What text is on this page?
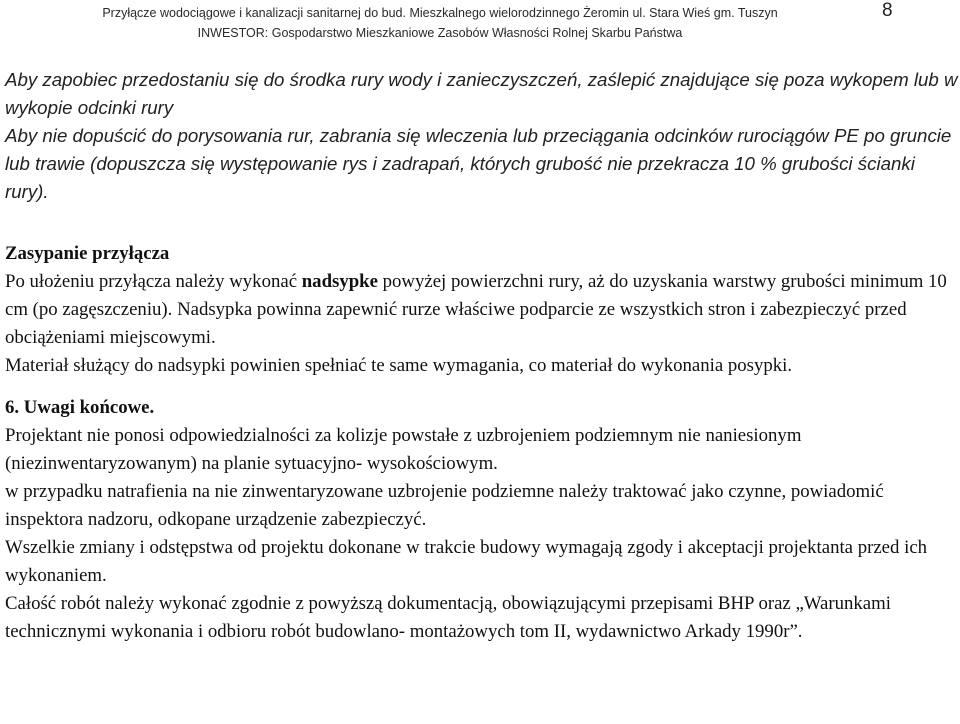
Przyłącze wodociągowe i kanalizacji sanitarnej do bud. Mieszkalnego wielorodzinnego Żeromin ul. Stara Wieś gm. Tuszyn
INWESTOR: Gospodarstwo Mieszkaniowe Zasobów Własności Rolnej Skarbu Państwa
8

Aby zapobiec przedostaniu się do środka rury wody i zanieczyszczeń, zaślepić znajdujące się poza wykopem lub w wykopie odcinki rury

Aby nie dopuścić do porysowania rur, zabrania się wleczenia lub przeciągania odcinków rurociągów PE po gruncie lub trawie (dopuszcza się występowanie rys i zadrapań, których grubość nie przekracza 10 % grubości ścianki rury).

Zasypanie przyłącza

Po ułożeniu przyłącza należy wykonać nadsypke powyżej powierzchni rury, aż do uzyskania warstwy grubości minimum 10 cm (po zagęszczeniu). Nadsypka powinna zapewnić rurze właściwe podparcie ze wszystkich stron i zabezpieczyć przed obciążeniami miejscowymi.

Materiał służący do nadsypki powinien spełniać te same wymagania, co materiał do wykonania posypki.

6. Uwagi końcowe.

Projektant nie ponosi odpowiedzialności za kolizje powstałe z uzbrojeniem podziemnym nie naniesionym (niezinwentaryzowanym) na planie sytuacyjno- wysokościowym.

w przypadku natrafienia na nie zinwentaryzowane uzbrojenie podziemne należy traktować jako czynne, powiadomić inspektora nadzoru, odkopane urządzenie zabezpieczyć.

Wszelkie zmiany i odstępstwa od projektu dokonane w trakcie budowy wymagają zgody i akceptacji projektanta przed ich wykonaniem.

Całość robót należy wykonać zgodnie z powyższą dokumentacją, obowiązującymi przepisami BHP oraz „Warunkami technicznymi wykonania i odbioru robót budowlano- montażowych tom II, wydawnictwo Arkady 1990r”.
